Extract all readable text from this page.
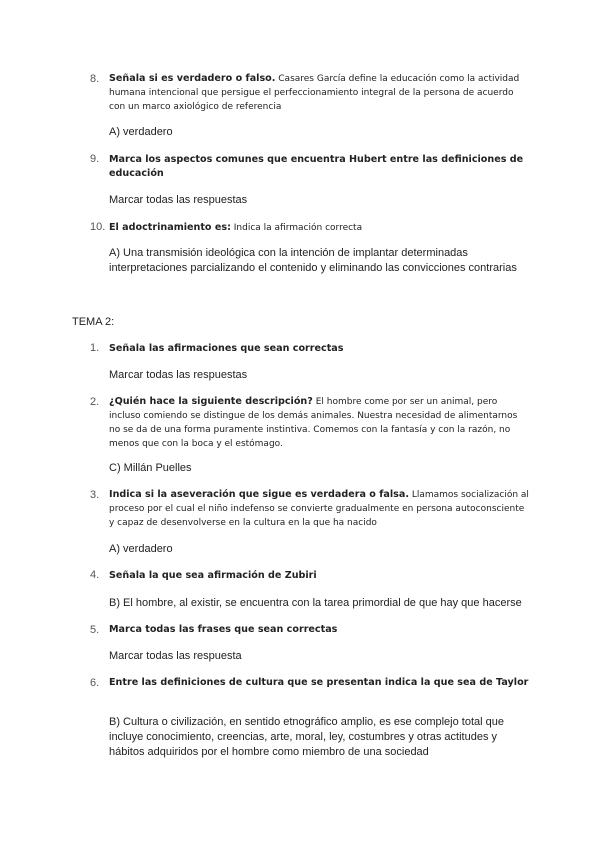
8. Señala si es verdadero o falso. Casares García define la educación como la actividad humana intencional que persigue el perfeccionamiento integral de la persona de acuerdo con un marco axiológico de referencia
A) verdadero
9. Marca los aspectos comunes que encuentra Hubert entre las definiciones de educación
Marcar todas las respuestas
10. El adoctrinamiento es: Indica la afirmación correcta
A) Una transmisión ideológica con la intención de implantar determinadas interpretaciones parcializando el contenido y eliminando las convicciones contrarias
TEMA 2:
1. Señala las afirmaciones que sean correctas
Marcar todas las respuestas
2. ¿Quién hace la siguiente descripción? El hombre come por ser un animal, pero incluso comiendo se distingue de los demás animales. Nuestra necesidad de alimentarnos no se da de una forma puramente instintiva. Comemos con la fantasía y con la razón, no menos que con la boca y el estómago.
C) Millán Puelles
3. Indica si la aseveración que sigue es verdadera o falsa. Llamamos socialización al proceso por el cual el niño indefenso se convierte gradualmente en persona autoconsciente y capaz de desenvolverse en la cultura en la que ha nacido
A) verdadero
4. Señala la que sea afirmación de Zubiri
B) El hombre, al existir, se encuentra con la tarea primordial de que hay que hacerse
5. Marca todas las frases que sean correctas
Marcar todas las respuesta
6. Entre las definiciones de cultura que se presentan indica la que sea de Taylor
B) Cultura o civilización, en sentido etnográfico amplio, es ese complejo total que incluye conocimiento, creencias, arte, moral, ley, costumbres y otras actitudes y hábitos adquiridos por el hombre como miembro de una sociedad
